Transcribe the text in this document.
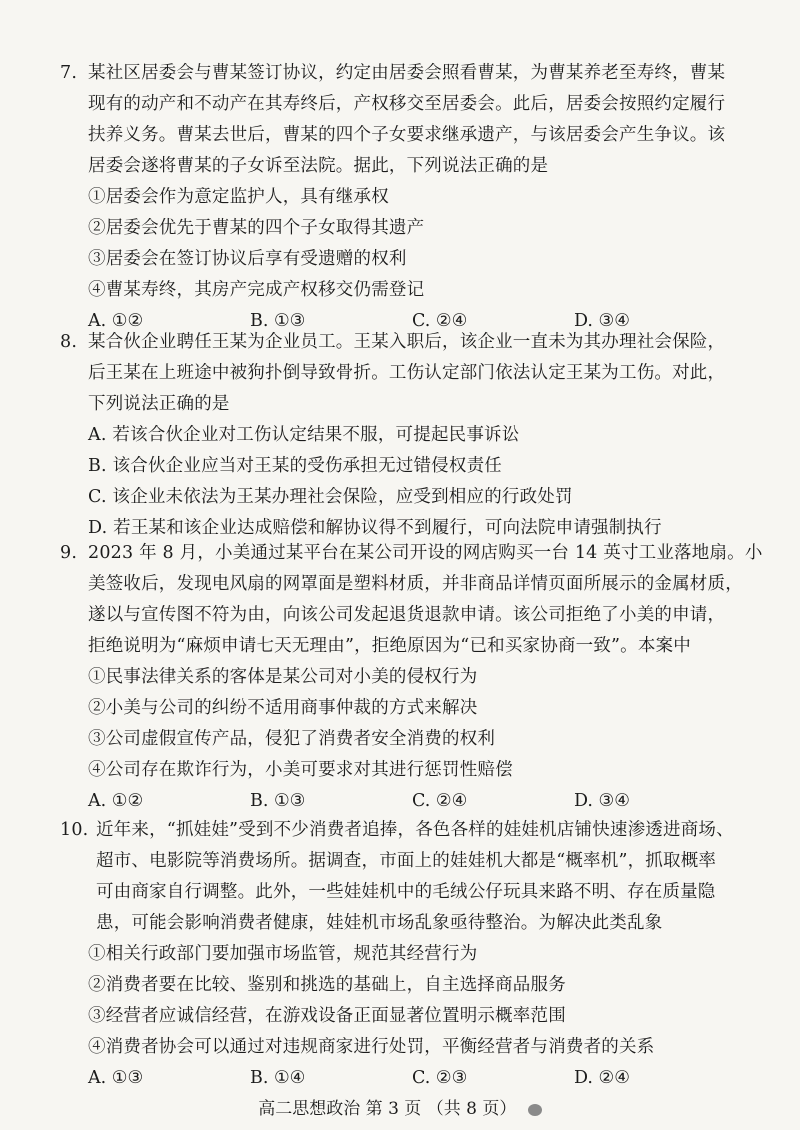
7. 某社区居委会与曹某签订协议，约定由居委会照看曹某，为曹某养老至寿终，曹某
现有的动产和不动产在其寿终后，产权移交至居委会。此后，居委会按照约定履行
扶养义务。曹某去世后，曹某的四个子女要求继承遗产，与该居委会产生争议。该
居委会遂将曹某的子女诉至法院。据此，下列说法正确的是
①居委会作为意定监护人，具有继承权
②居委会优先于曹某的四个子女取得其遗产
③居委会在签订协议后享有受遗赠的权利
④曹某寿终，其房产完成产权移交仍需登记
A. ①②	B. ①③	C. ②④	D. ③④
8. 某合伙企业聘任王某为企业员工。王某入职后，该企业一直未为其办理社会保险，
后王某在上班途中被狗扑倒导致骨折。工伤认定部门依法认定王某为工伤。对此，
下列说法正确的是
A. 若该合伙企业对工伤认定结果不服，可提起民事诉讼
B. 该合伙企业应当对王某的受伤承担无过错侵权责任
C. 该企业未依法为王某办理社会保险，应受到相应的行政处罚
D. 若王某和该企业达成赔偿和解协议得不到履行，可向法院申请强制执行
9. 2023 年 8 月，小美通过某平台在某公司开设的网店购买一台 14 英寸工业落地扇。小
美签收后，发现电风扇的网罩面是塑料材质，并非商品详情页面所展示的金属材质，
遂以与宣传图不符为由，向该公司发起退货退款申请。该公司拒绝了小美的申请，
拒绝说明为“麻烦申请七天无理由”，拒绝原因为“已和买家协商一致”。本案中
①民事法律关系的客体是某公司对小美的侵权行为
②小美与公司的纠纷不适用商事仲裁的方式来解决
③公司虚假宣传产品，侵犯了消费者安全消费的权利
④公司存在欺诈行为，小美可要求对其进行惩罚性赔偿
A. ①②	B. ①③	C. ②④	D. ③④
10. 近年来，“抓娃娃”受到不少消费者追捧，各色各样的娃娃机店铺快速渗透进商场、
超市、电影院等消费场所。据调查，市面上的娃娃机大都是“概率机”，抓取概率
可由商家自行调整。此外，一些娃娃机中的毛绒公仔玩具来路不明、存在质量隐
患，可能会影响消费者健康，娃娃机市场乱象亟待整治。为解决此类乱象
①相关行政部门要加强市场监管，规范其经营行为
②消费者要在比较、鉴别和挑选的基础上，自主选择商品服务
③经营者应诚信经营，在游戏设备正面显著位置明示概率范围
④消费者协会可以通过对违规商家进行处罚，平衡经营者与消费者的关系
A. ①③	B. ①④	C. ②③	D. ②④
高二思想政治 第 3 页 （共 8 页）
